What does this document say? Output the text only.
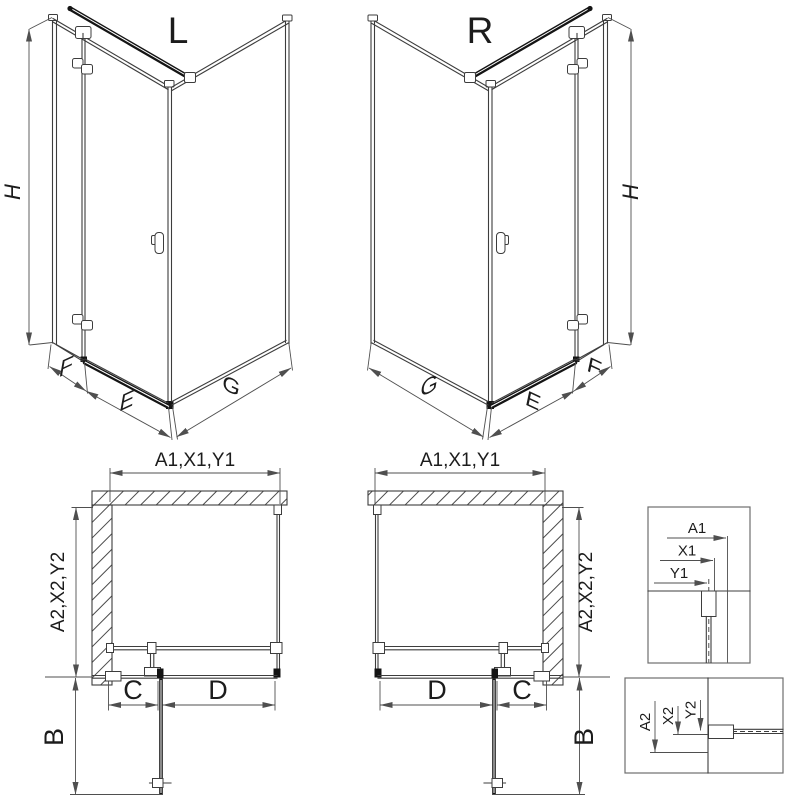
L
H
F
E	G
R
H
F
E
G
A1,X1,Y1
A2,X2,Y2
C D
B
A1,X1,Y1
A2,X2,Y2
D C
B
A1
X1
Y1
A2 X2 Y2
